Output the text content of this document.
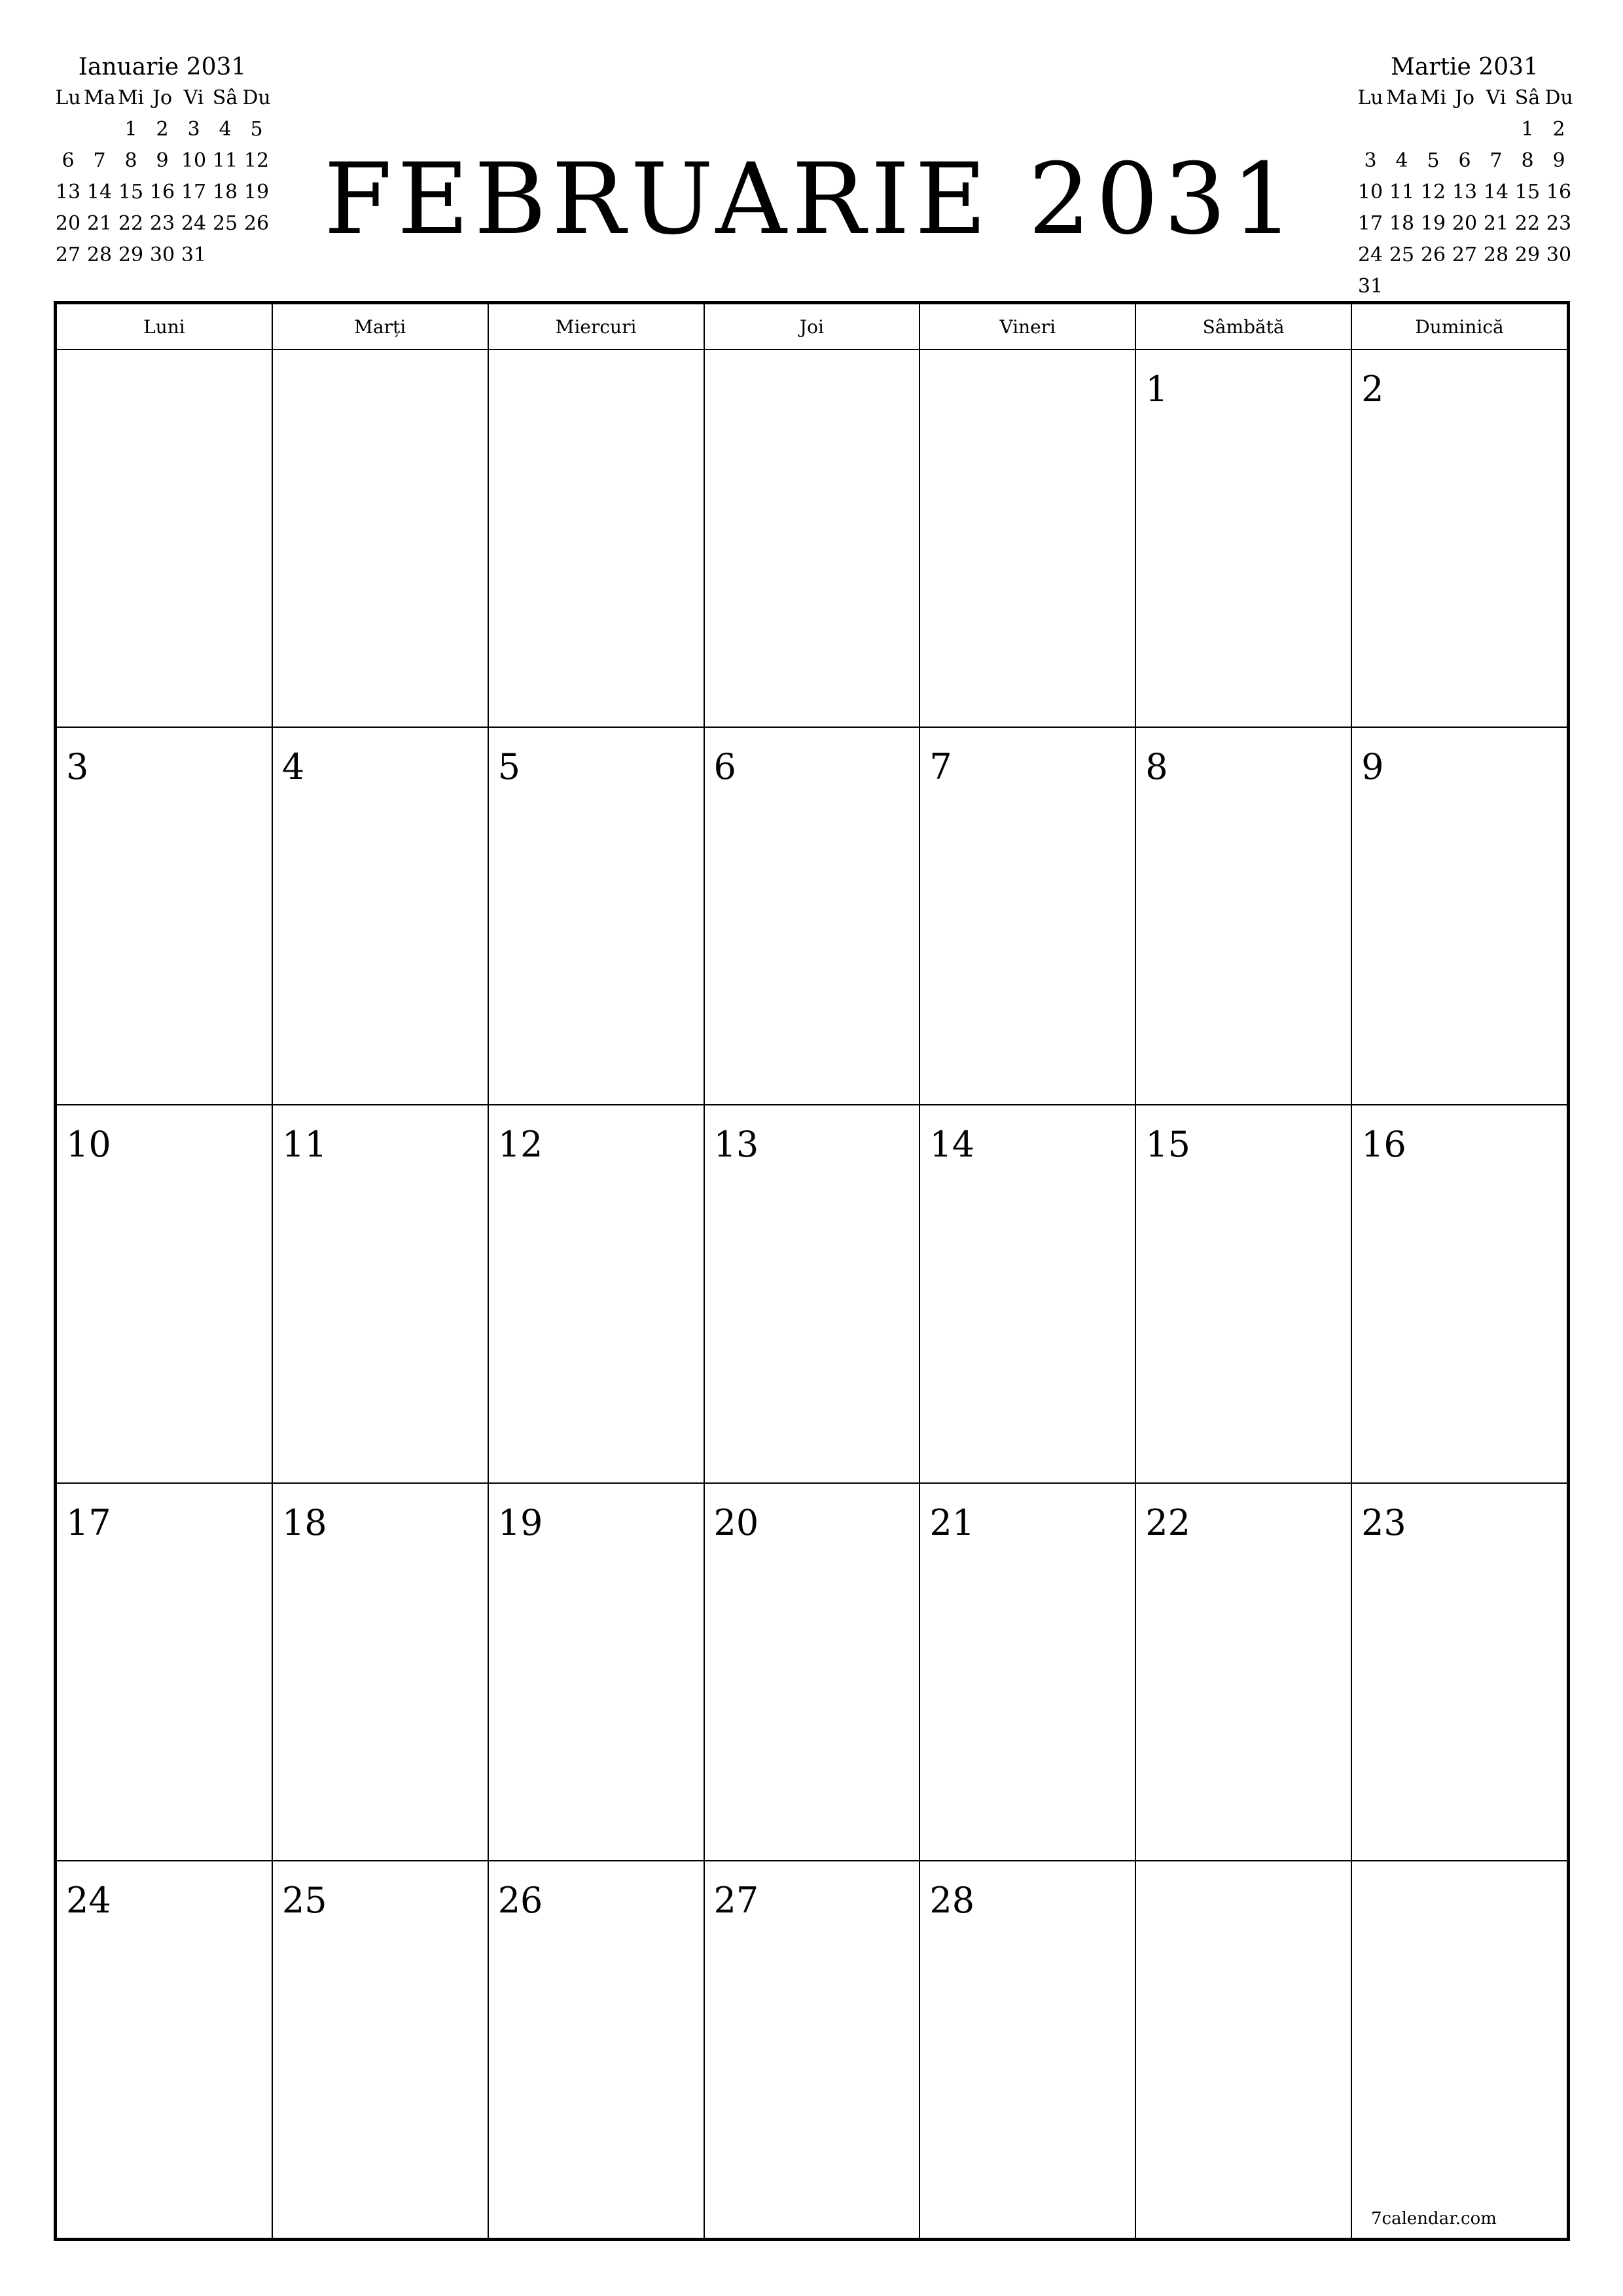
FEBRUARIE 2031
Ianuarie 2031
Lu	Ma	Mi	Jo	Vi	Sâ	Du
		1	2	3	4	5
6	7	8	9	10	11	12
13	14	15	16	17	18	19
20	21	22	23	24	25	26
27	28	29	30	31		
Martie 2031
Lu	Ma	Mi	Jo	Vi	Sâ	Du
					1	2
3	4	5	6	7	8	9
10	11	12	13	14	15	16
17	18	19	20	21	22	23
24	25	26	27	28	29	30
31						
Luni	Marți	Miercuri	Joi	Vineri	Sâmbătă	Duminică

					1	2

3	4	5	6	7	8	9

10	11	12	13	14	15	16

17	18	19	20	21	22	23

24	25	26	27	28		

7calendar.com
